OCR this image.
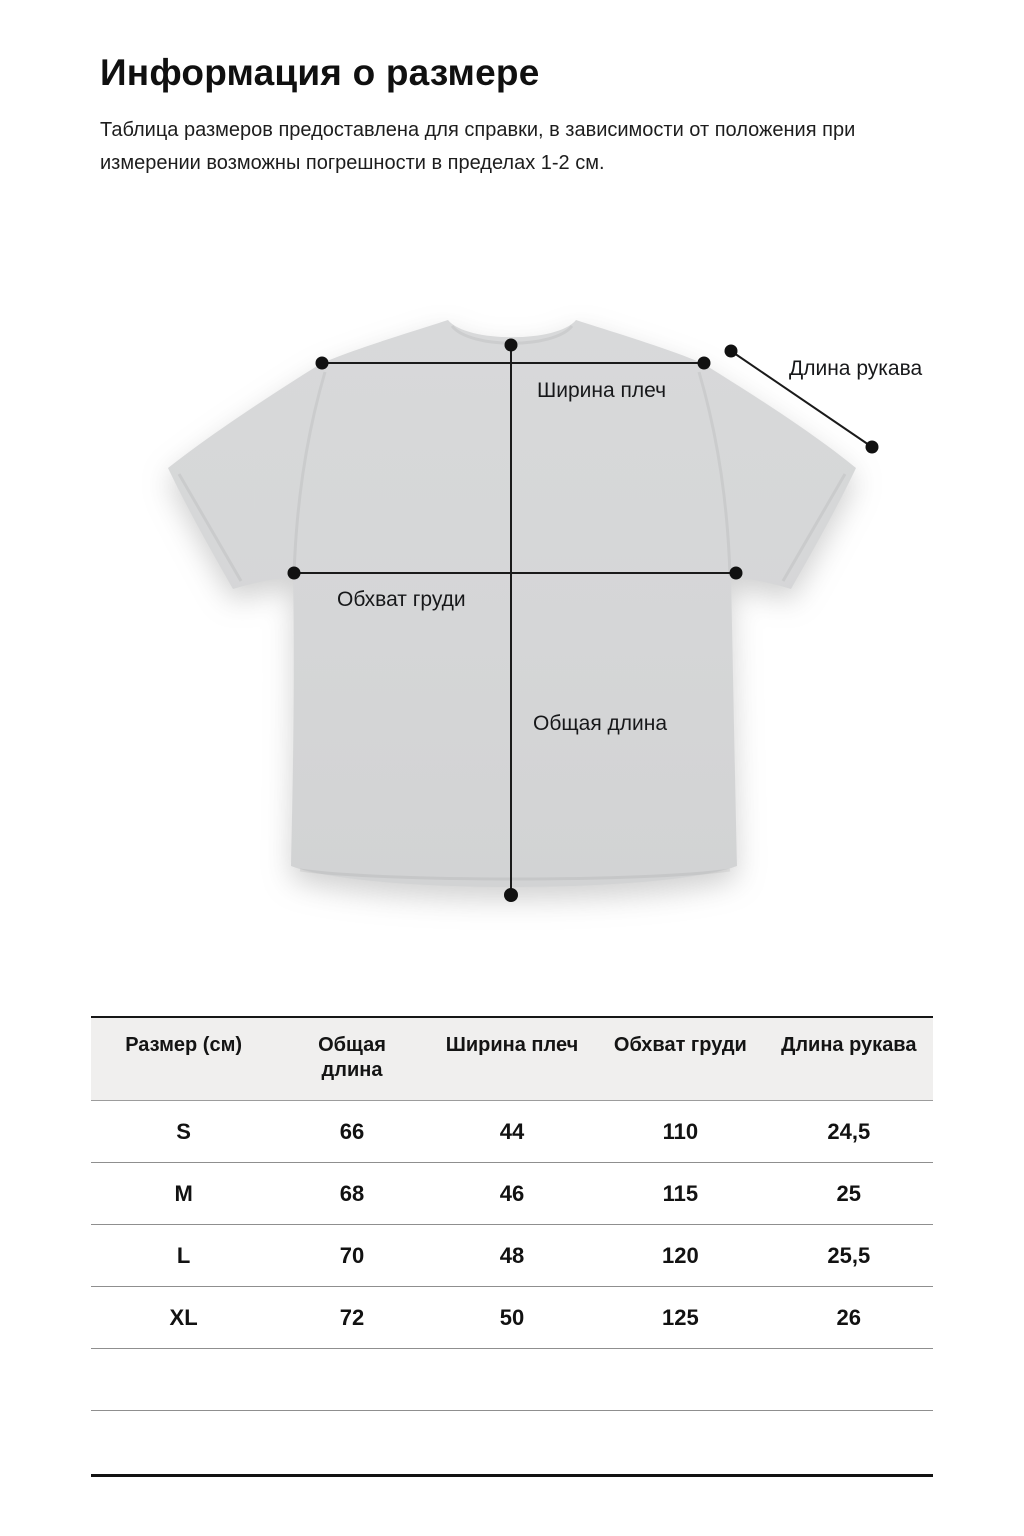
Информация о размере

Таблица размеров предоставлена для справки, в зависимости от положения при измерении возможны погрешности в пределах 1-2 см.

Ширина плеч
Длина рукава
Обхват груди
Общая длина
Размер (см)	Общая длина	Ширина плеч	Обхват груди	Длина рукава
S	66	44	110	24,5
M	68	46	115	25
L	70	48	120	25,5
XL	72	50	125	26
